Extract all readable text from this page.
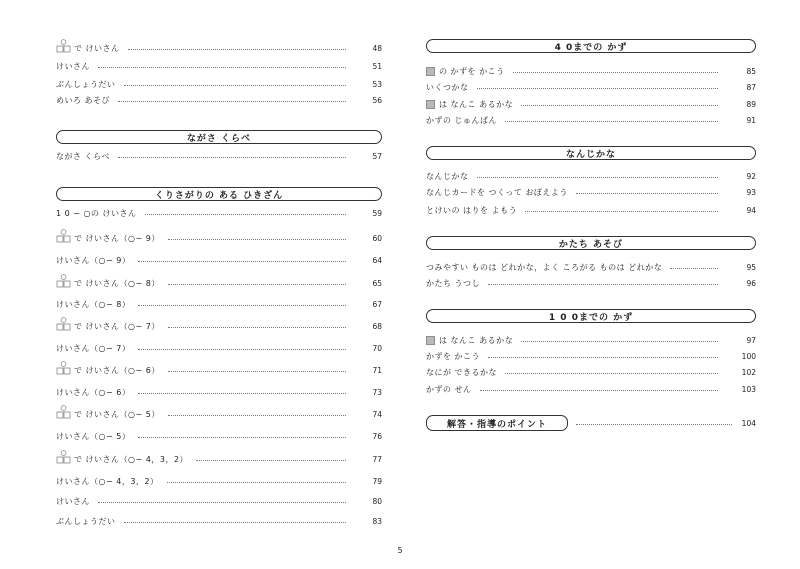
で けいさん	48
けいさん	51
ぶんしょうだい	53
めいろ あそび	56
ながさ くらべ
ながさ くらべ	57
くりさがりの ある ひきざん
1 0 − ○の けいさん	59
で けいさん（○− 9）	60
けいさん（○− 9）	64
で けいさん（○− 8）	65
けいさん（○− 8）	67
で けいさん（○− 7）	68
けいさん（○− 7）	70
で けいさん（○− 6）	71
けいさん（○− 6）	73
で けいさん（○− 5）	74
けいさん（○− 5）	76
で けいさん（○− 4，3，2）	77
けいさん（○− 4，3，2）	79
けいさん	80
ぶんしょうだい	83
解答・指導のポイント	104
4 0までの かず
の かずを かこう	85
いくつかな	87
は なんこ あるかな	89
かずの じゅんばん	91
なんじかな
なんじかな	92
なんじカードを つくって おぼえよう	93
とけいの はりを よもう	94
かたち あそび
つみやすい ものは どれかな，よく ころがる ものは どれかな	95
かたち うつし	96
1 0 0までの かず
は なんこ あるかな	97
かずを かこう	100
なにが できるかな	102
かずの せん	103
5
